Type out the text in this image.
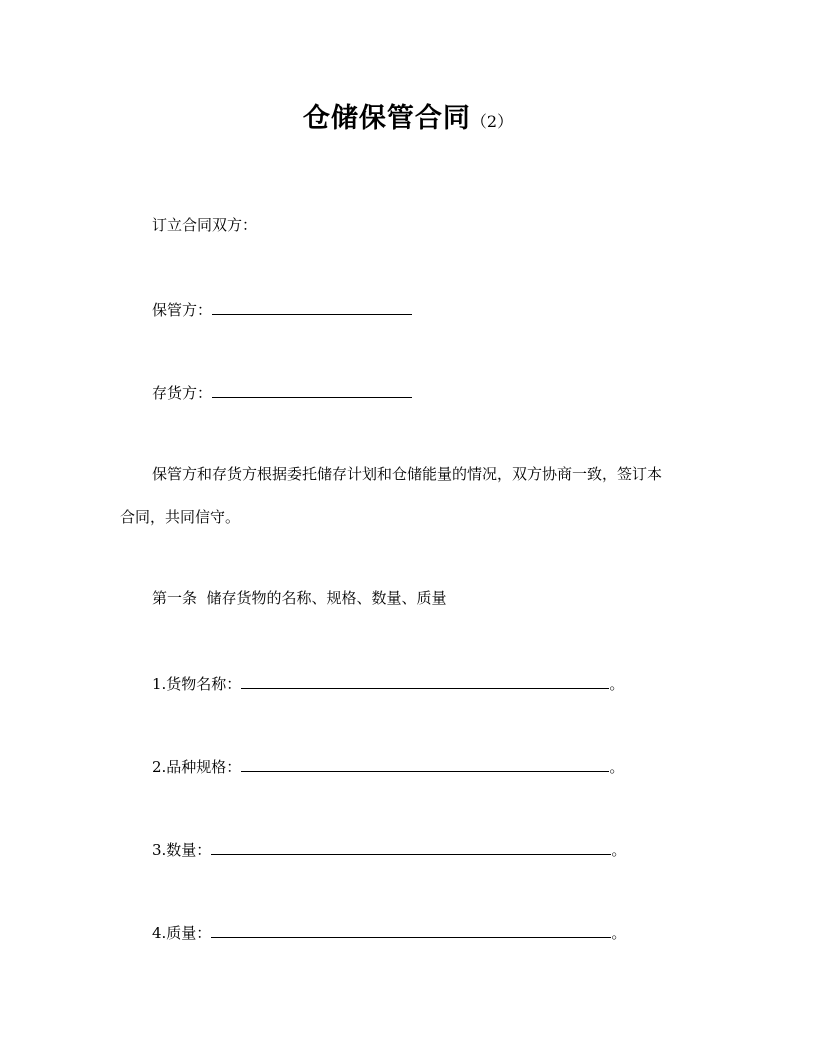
仓储保管合同（2）
订立合同双方：
保管方：
存货方：
保管方和存货方根据委托储存计划和仓储能量的情况，双方协商一致，签订本
合同，共同信守。
第一条  储存货物的名称、规格、数量、质量
1.货物名称：	。
2.品种规格：	。
3.数量：	。
4.质量：	。
